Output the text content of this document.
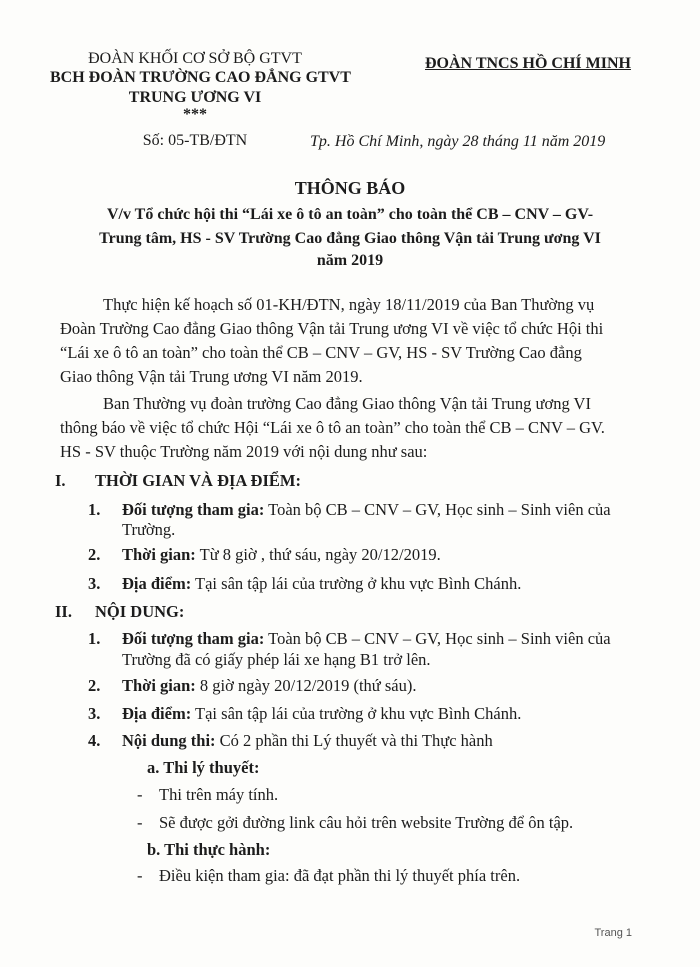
ĐOÀN KHỐI CƠ SỞ BỘ GTVT
BCH ĐOÀN TRƯỜNG CAO ĐẲNG GTVT
TRUNG ƯƠNG VI
***
Số: 05-TB/ĐTN
ĐOÀN TNCS HỒ CHÍ MINH
Tp. Hồ Chí Minh, ngày 28 tháng 11 năm 2019
THÔNG BÁO
V/v Tổ chức hội thi “Lái xe ô tô an toàn” cho toàn thể CB – CNV – GV-
Trung tâm, HS - SV Trường Cao đẳng Giao thông Vận tải Trung ương VI
năm 2019
Thực hiện kế hoạch số 01-KH/ĐTN, ngày 18/11/2019 của Ban Thường vụ
Đoàn Trường Cao đẳng Giao thông Vận tải Trung ương VI về việc tổ chức Hội thi
“Lái xe ô tô an toàn” cho toàn thể CB – CNV – GV, HS - SV Trường Cao đẳng
Giao thông Vận tải Trung ương VI năm 2019.
Ban Thường vụ đoàn trường Cao đẳng Giao thông Vận tải Trung ương VI
thông báo về việc tổ chức Hội “Lái xe ô tô an toàn” cho toàn thể CB – CNV – GV.
HS - SV thuộc Trường năm 2019 với nội dung như sau:
I. THỜI GIAN VÀ ĐỊA ĐIỂM:
1. Đối tượng tham gia: Toàn bộ CB – CNV – GV, Học sinh – Sinh viên của
Trường.
2. Thời gian: Từ 8 giờ , thứ sáu, ngày 20/12/2019.
3. Địa điểm: Tại sân tập lái của trường ở khu vực Bình Chánh.
II. NỘI DUNG:
1. Đối tượng tham gia: Toàn bộ CB – CNV – GV, Học sinh – Sinh viên của
Trường đã có giấy phép lái xe hạng B1 trở lên.
2. Thời gian: 8 giờ ngày 20/12/2019 (thứ sáu).
3. Địa điểm: Tại sân tập lái của trường ở khu vực Bình Chánh.
4. Nội dung thi: Có 2 phần thi Lý thuyết và thi Thực hành
a. Thi lý thuyết:
- Thi trên máy tính.
- Sẽ được gởi đường link câu hỏi trên website Trường để ôn tập.
b. Thi thực hành:
- Điều kiện tham gia: đã đạt phần thi lý thuyết phía trên.
Trang 1
